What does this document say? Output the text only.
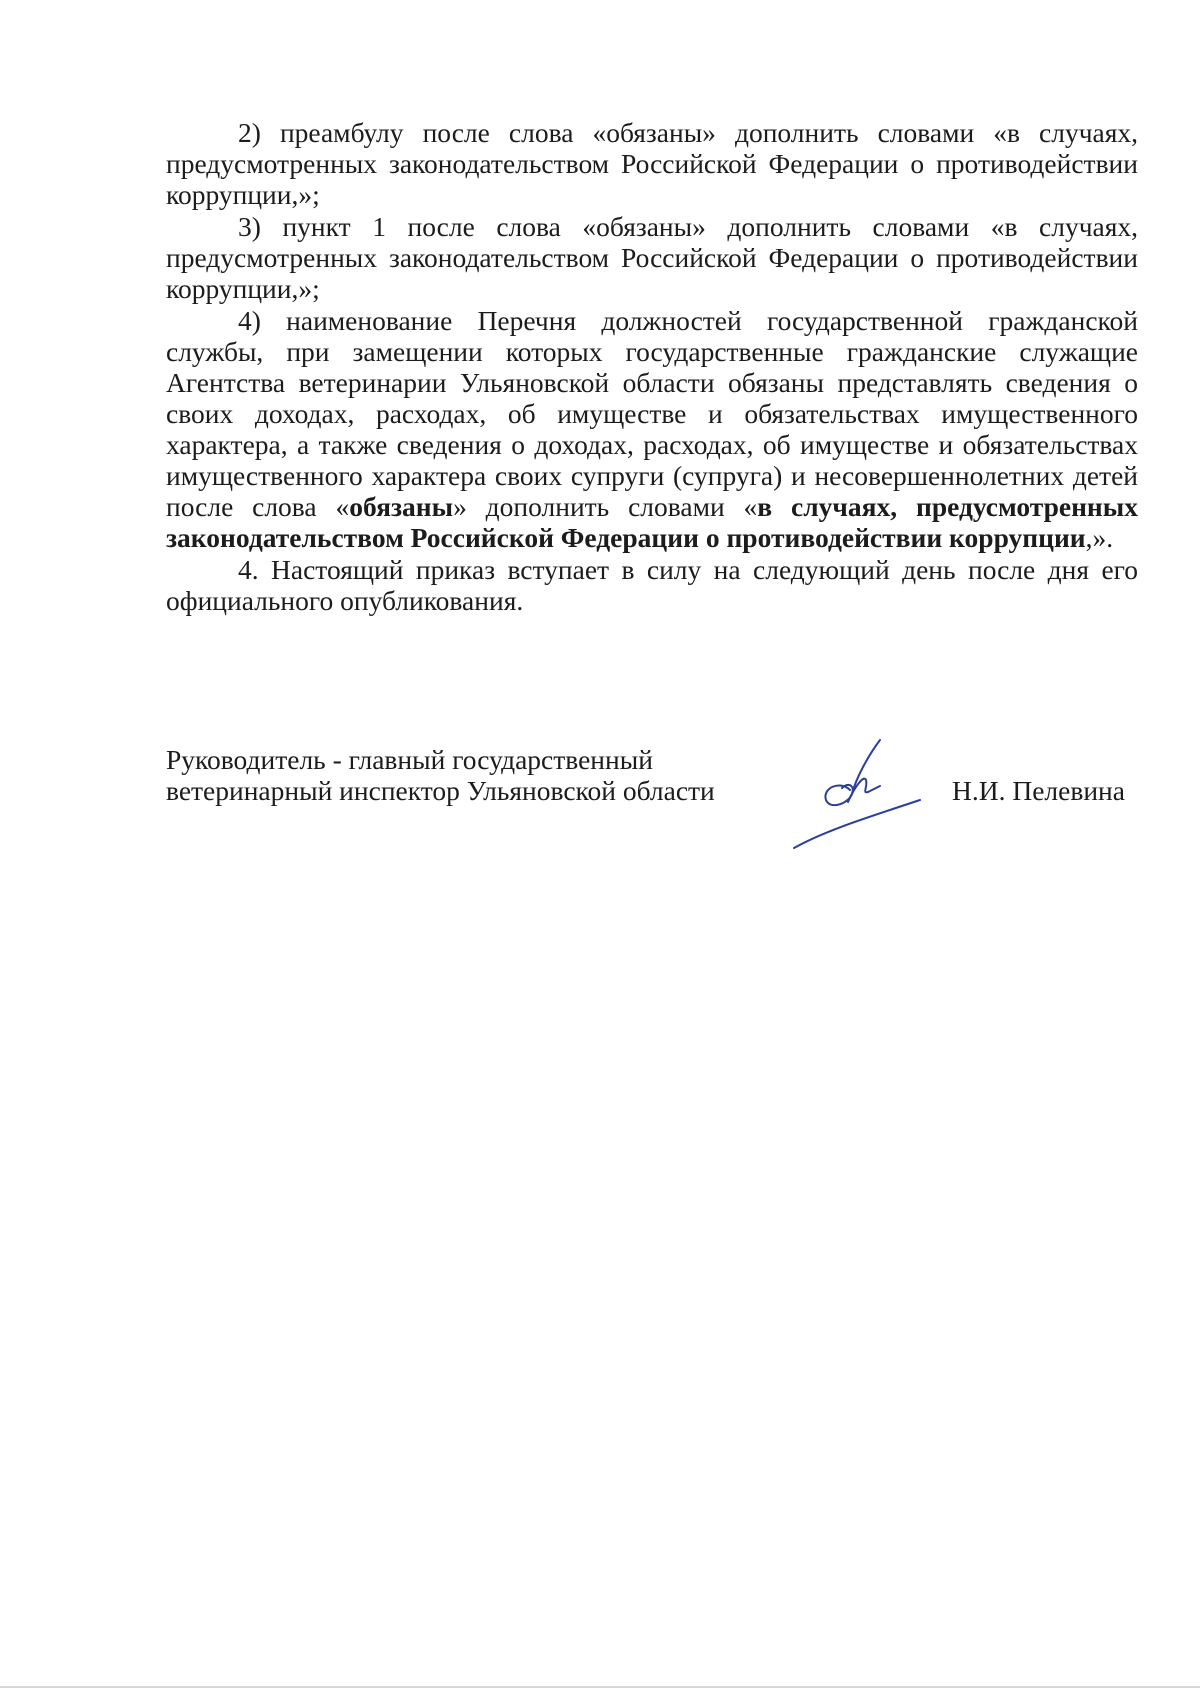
2) преамбулу после слова «обязаны» дополнить словами «в случаях, предусмотренных законодательством Российской Федерации о противодействии коррупции,»;

3) пункт 1 после слова «обязаны» дополнить словами «в случаях, предусмотренных законодательством Российской Федерации о противодействии коррупции,»;

4) наименование Перечня должностей государственной гражданской службы, при замещении которых государственные гражданские служащие Агентства ветеринарии Ульяновской области обязаны представлять сведения о своих доходах, расходах, об имуществе и обязательствах имущественного характера, а также сведения о доходах, расходах, об имуществе и обязательствах имущественного характера своих супруги (супруга) и несовершеннолетних детей после слова «обязаны» дополнить словами «в случаях, предусмотренных законодательством Российской Федерации о противодействии коррупции,».

4. Настоящий приказ вступает в силу на следующий день после дня его официального опубликования.

Руководитель - главный государственный
ветеринарный инспектор Ульяновской области	Н.И. Пелевина
